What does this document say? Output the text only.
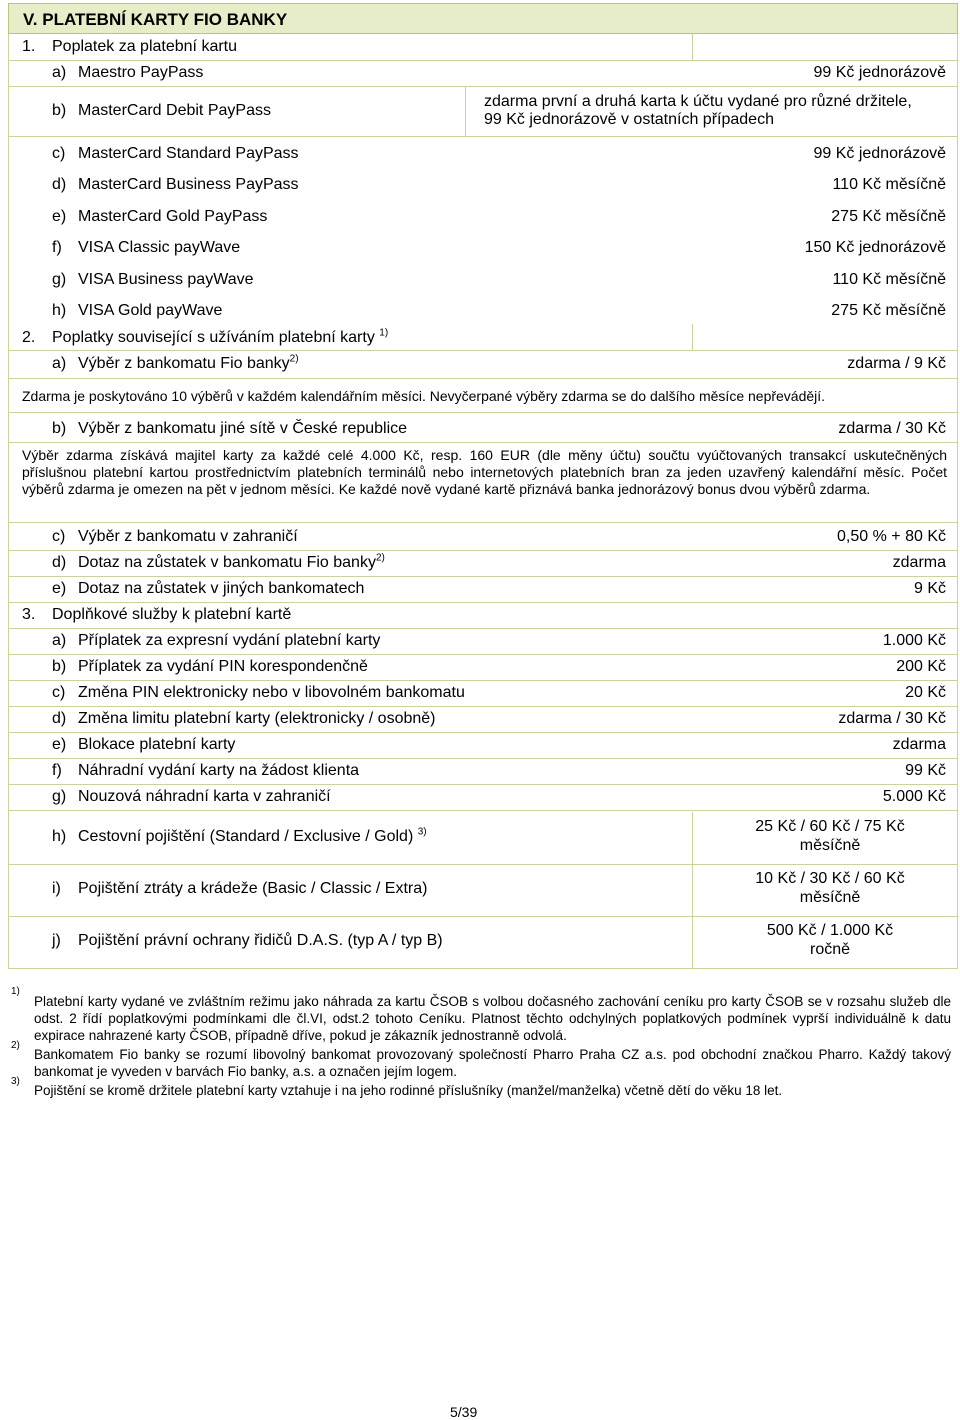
V. PLATEBNÍ KARTY FIO BANKY
1. Poplatek za platební kartu
a) Maestro PayPass	99 Kč jednorázově
b) MasterCard Debit PayPass
zdarma první a druhá karta k účtu vydané pro různé držitele,
99 Kč jednorázově v ostatních případech
c) MasterCard Standard PayPass	99 Kč jednorázově
d) MasterCard Business PayPass	110 Kč měsíčně
e) MasterCard Gold PayPass	275 Kč měsíčně
f) VISA Classic payWave	150 Kč jednorázově
g) VISA Business payWave	110 Kč měsíčně
h) VISA Gold payWave	275 Kč měsíčně
2. Poplatky související s užíváním platební karty $^{1)}$
a) Výběr z bankomatu Fio banky$^{2)}$	zdarma / 9 Kč
Zdarma je poskytováno 10 výběrů v každém kalendářním měsíci. Nevyčerpané výběry zdarma se do dalšího měsíce nepřevádějí.
b) Výběr z bankomatu jiné sítě v České republice	zdarma / 30 Kč
Výběr zdarma získává majitel karty za každé celé 4.000 Kč, resp. 160 EUR (dle měny účtu) součtu vyúčtovaných transakcí uskutečněných příslušnou platební kartou prostřednictvím platebních terminálů nebo internetových platebních bran za jeden uzavřený kalendářní měsíc. Počet výběrů zdarma je omezen na pět v jednom měsíci. Ke každé nově vydané kartě přiznává banka jednorázový bonus dvou výběrů zdarma.
c) Výběr z bankomatu v zahraničí	0,50 % + 80 Kč
d) Dotaz na zůstatek v bankomatu Fio banky$^{2)}$	zdarma
e) Dotaz na zůstatek v jiných bankomatech	9 Kč
3. Doplňkové služby k platební kartě
a) Příplatek za expresní vydání platební karty	1.000 Kč
b) Příplatek za vydání PIN korespondenčně	200 Kč
c) Změna PIN elektronicky nebo v libovolném bankomatu	20 Kč
d) Změna limitu platební karty (elektronicky / osobně)	zdarma / 30 Kč
e) Blokace platební karty	zdarma
f) Náhradní vydání karty na žádost klienta	99 Kč
g) Nouzová náhradní karta v zahraničí	5.000 Kč
h) Cestovní pojištění (Standard / Exclusive / Gold) $^{3)}$	25 Kč / 60 Kč / 75 Kč
měsíčně
i) Pojištění ztráty a krádeže (Basic / Classic / Extra)
10 Kč / 30 Kč / 60 Kč
měsíčně
j) Pojištění právní ochrany řidičů D.A.S. (typ A / typ B)
500 Kč / 1.000 Kč
ročně
1)
Platební karty vydané ve zvláštním režimu jako náhrada za kartu ČSOB s volbou dočasného zachování ceníku pro karty ČSOB se v rozsahu služeb dle odst. 2 řídí poplatkovými podmínkami dle čl.VI, odst.2 tohoto Ceníku. Platnost těchto odchylných poplatkových podmínek vyprší individuálně k datu expirace nahrazené karty ČSOB, případně dříve, pokud je zákazník jednostranně odvolá.
2)
Bankomatem Fio banky se rozumí libovolný bankomat provozovaný společností Pharro Praha CZ a.s. pod obchodní značkou Pharro. Každý takový bankomat je vyveden v barvách Fio banky, a.s. a označen jejím logem.
3)
Pojištění se kromě držitele platební karty vztahuje i na jeho rodinné příslušníky (manžel/manželka) včetně dětí do věku 18 let.
5/39
